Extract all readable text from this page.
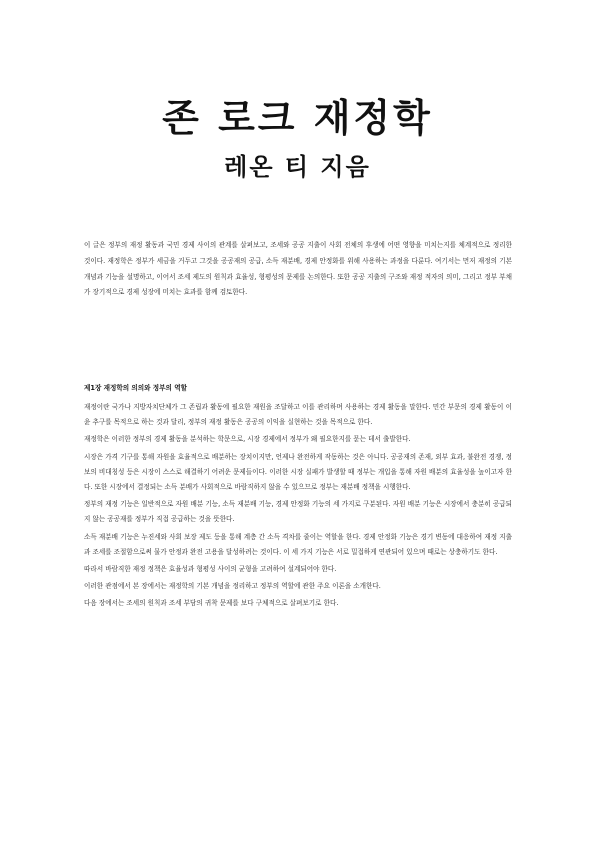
존 로크 재정학
레온 티 지음
이 글은 정부의 재정 활동과 국민 경제 사이의 관계를 살펴보고, 조세와 공공 지출이 사회 전체의 후생에 어떤 영향을 미치는지를 체계적으로 정리한 것이다. 재정학은 정부가 세금을 거두고 그것을 공공재의 공급, 소득 재분배, 경제 안정화를 위해 사용하는 과정을 다룬다. 여기서는 먼저 재정의 기본 개념과 기능을 설명하고, 이어서 조세 제도의 원칙과 효율성, 형평성의 문제를 논의한다. 또한 공공 지출의 구조와 재정 적자의 의미, 그리고 정부 부채가 장기적으로 경제 성장에 미치는 효과를 함께 검토한다.
제1장 재정학의 의의와 정부의 역할

재정이란 국가나 지방자치단체가 그 존립과 활동에 필요한 재원을 조달하고 이를 관리하며 사용하는 경제 활동을 말한다. 민간 부문의 경제 활동이 이윤 추구를 목적으로 하는 것과 달리, 정부의 재정 활동은 공공의 이익을 실현하는 것을 목적으로 한다.

재정학은 이러한 정부의 경제 활동을 분석하는 학문으로, 시장 경제에서 정부가 왜 필요한지를 묻는 데서 출발한다.

시장은 가격 기구를 통해 자원을 효율적으로 배분하는 장치이지만, 언제나 완전하게 작동하는 것은 아니다. 공공재의 존재, 외부 효과, 불완전 경쟁, 정보의 비대칭성 등은 시장이 스스로 해결하기 어려운 문제들이다. 이러한 시장 실패가 발생할 때 정부는 개입을 통해 자원 배분의 효율성을 높이고자 한다. 또한 시장에서 결정되는 소득 분배가 사회적으로 바람직하지 않을 수 있으므로 정부는 재분배 정책을 시행한다.

정부의 재정 기능은 일반적으로 자원 배분 기능, 소득 재분배 기능, 경제 안정화 기능의 세 가지로 구분된다. 자원 배분 기능은 시장에서 충분히 공급되지 않는 공공재를 정부가 직접 공급하는 것을 뜻한다.

소득 재분배 기능은 누진세와 사회 보장 제도 등을 통해 계층 간 소득 격차를 줄이는 역할을 한다. 경제 안정화 기능은 경기 변동에 대응하여 재정 지출과 조세를 조절함으로써 물가 안정과 완전 고용을 달성하려는 것이다. 이 세 가지 기능은 서로 밀접하게 연관되어 있으며 때로는 상충하기도 한다.

따라서 바람직한 재정 정책은 효율성과 형평성 사이의 균형을 고려하여 설계되어야 한다.

이러한 관점에서 본 장에서는 재정학의 기본 개념을 정리하고 정부의 역할에 관한 주요 이론을 소개한다.

다음 장에서는 조세의 원칙과 조세 부담의 귀착 문제를 보다 구체적으로 살펴보기로 한다.
